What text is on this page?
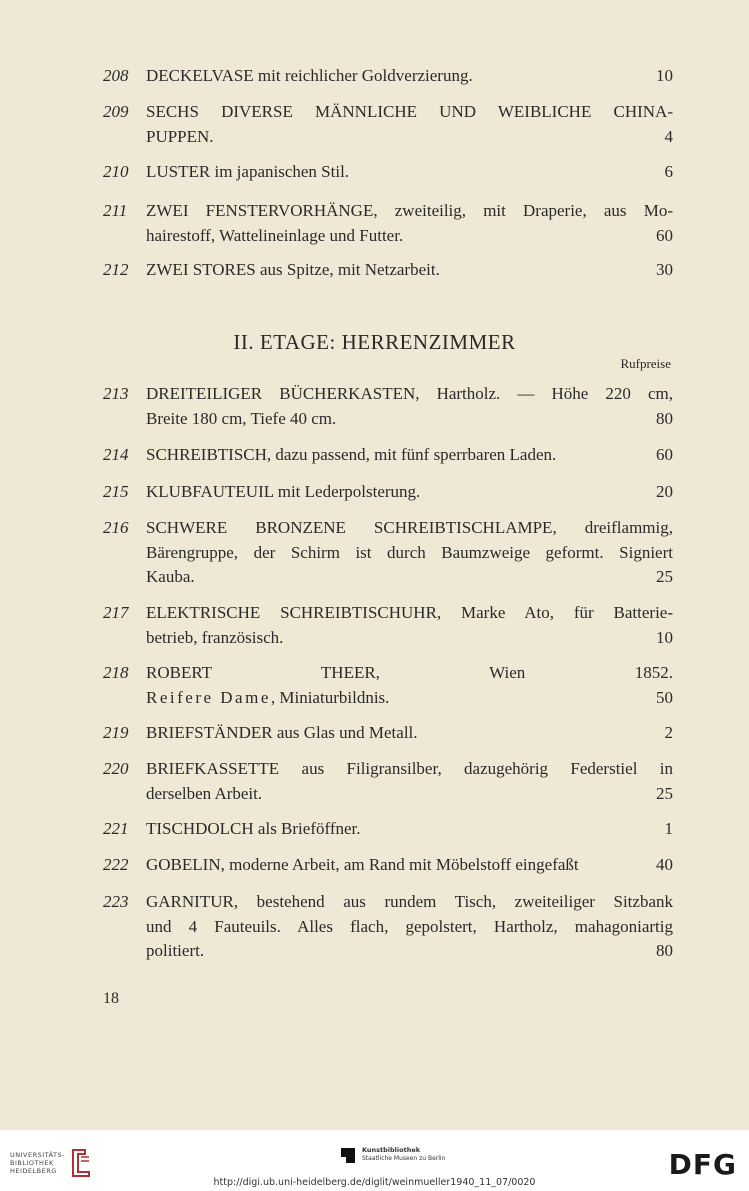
208	DECKELVASE mit reichlicher Goldverzierung.	10
209	SECHS DIVERSE MÄNNLICHE UND WEIBLICHE CHINA-
PUPPEN.	4
210	LUSTER im japanischen Stil.	6
211	ZWEI FENSTERVORHÄNGE, zweiteilig, mit Draperie, aus Mo-
hairestoff, Wattelineinlage und Futter.	60
212	ZWEI STORES aus Spitze, mit Netzarbeit.	30
213	DREITEILIGER BÜCHERKASTEN, Hartholz. — Höhe 220 cm,
Breite 180 cm, Tiefe 40 cm.	80
214	SCHREIBTISCH, dazu passend, mit fünf sperrbaren Laden.	60
215	KLUBFAUTEUIL mit Lederpolsterung.	20
216	SCHWERE BRONZENE SCHREIBTISCHLAMPE, dreiflammig,
Bärengruppe, der Schirm ist durch Baumzweige geformt. Signiert
Kauba.	25
217	ELEKTRISCHE SCHREIBTISCHUHR, Marke Ato, für Batterie-
betrieb, französisch.	10
218	ROBERT THEER, Wien 1852.
Reifere Dame, Miniaturbildnis.	50
219	BRIEFSTÄNDER aus Glas und Metall.	2
220	BRIEFKASSETTE aus Filigransilber, dazugehörig Federstiel in
derselben Arbeit.	25
221	TISCHDOLCH als Brieföffner.	1
222	GOBELIN, moderne Arbeit, am Rand mit Möbelstoff eingefaßt	40
223	GARNITUR, bestehend aus rundem Tisch, zweiteiliger Sitzbank
und 4 Fauteuils. Alles flach, gepolstert, Hartholz, mahagoniartig
politiert.	80
II. ETAGE: HERRENZIMMER
Rufpreise
18
UNIVERSITÄTS-
BIBLIOTHEK
HEIDELBERG
Kunstbibliothek
Staatliche Museen zu Berlin	DFG
http://digi.ub.uni-heidelberg.de/diglit/weinmueller1940_11_07/0020
